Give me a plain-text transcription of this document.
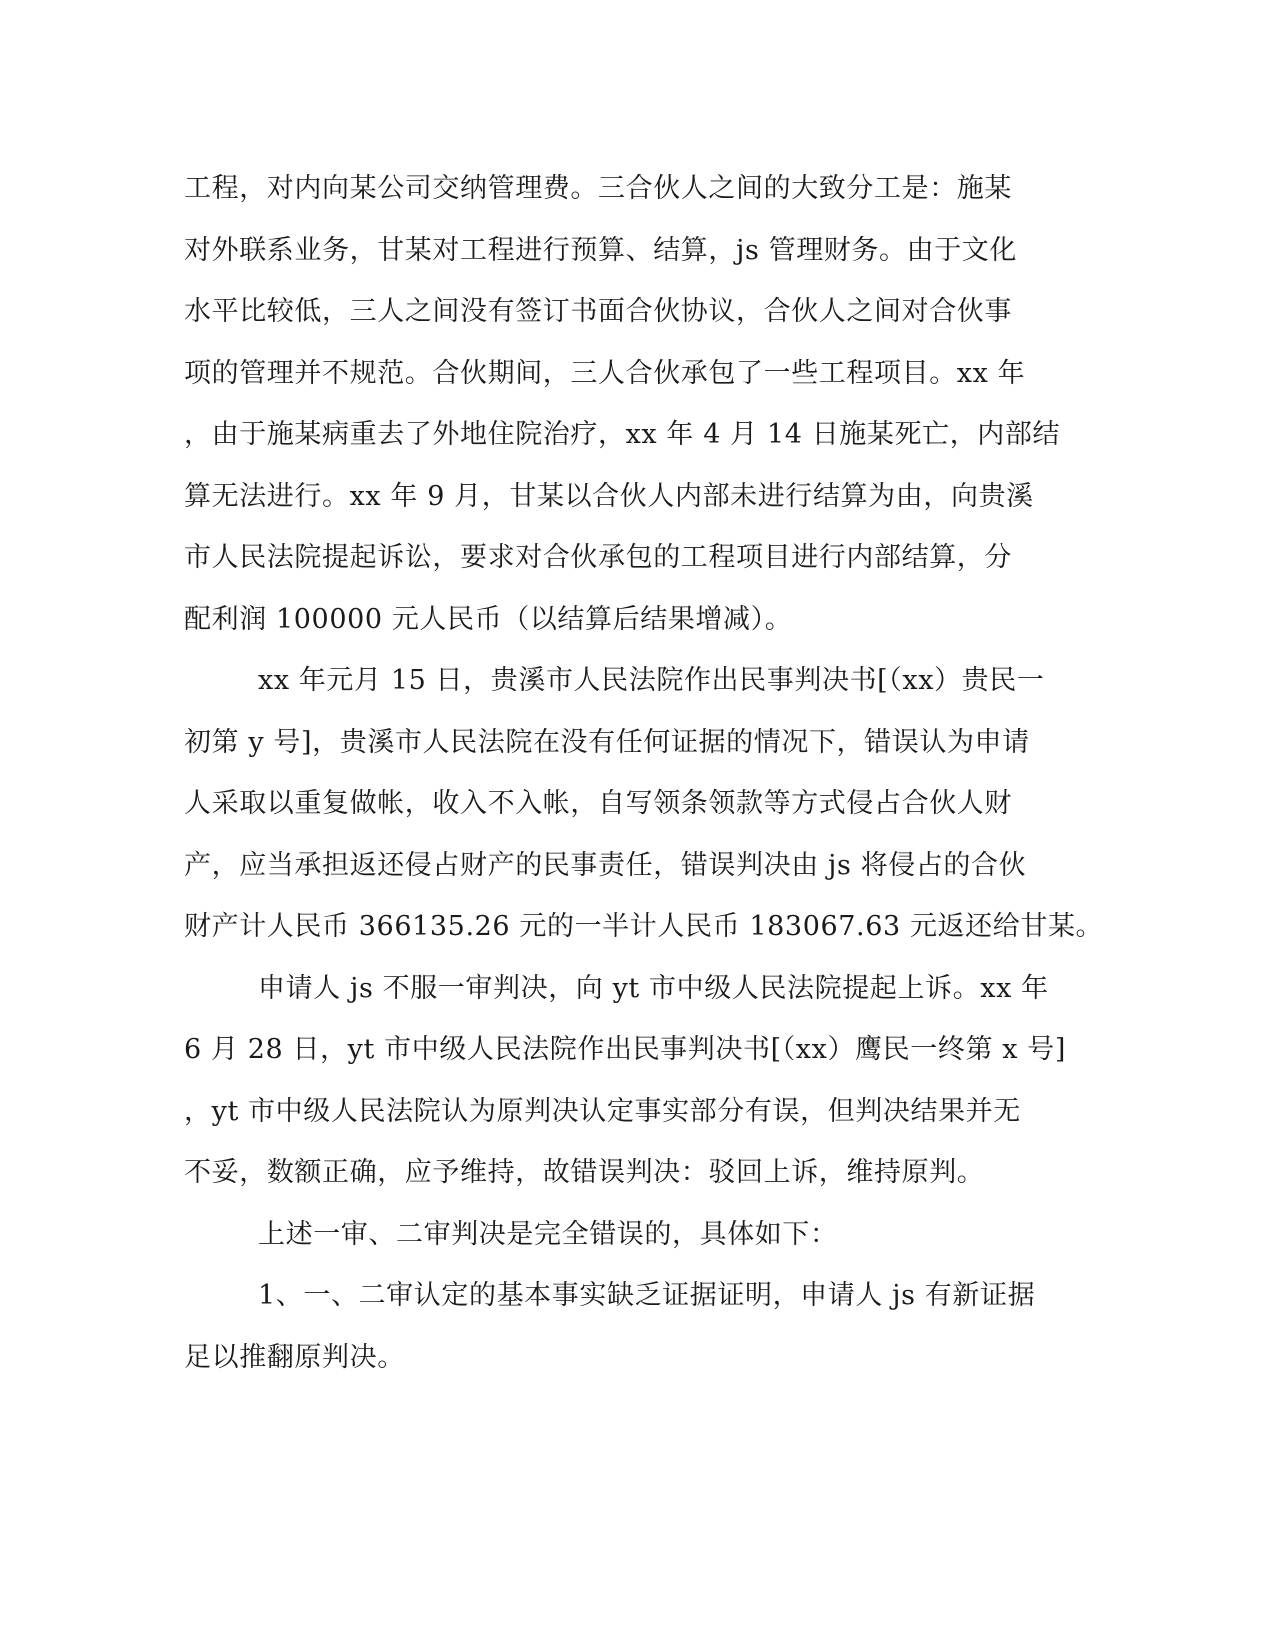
工程，对内向某公司交纳管理费。三合伙人之间的大致分工是：施某
对外联系业务，甘某对工程进行预算、结算，js 管理财务。由于文化
水平比较低，三人之间没有签订书面合伙协议，合伙人之间对合伙事
项的管理并不规范。合伙期间，三人合伙承包了一些工程项目。xx 年
，由于施某病重去了外地住院治疗，xx 年 4 月 14 日施某死亡，内部结
算无法进行。xx 年 9 月，甘某以合伙人内部未进行结算为由，向贵溪
市人民法院提起诉讼，要求对合伙承包的工程项目进行内部结算，分
配利润 100000 元人民币（以结算后结果增减）。
xx 年元月 15 日，贵溪市人民法院作出民事判决书[（xx）贵民一
初第 y 号]，贵溪市人民法院在没有任何证据的情况下，错误认为申请
人采取以重复做帐，收入不入帐，自写领条领款等方式侵占合伙人财
产，应当承担返还侵占财产的民事责任，错误判决由 js 将侵占的合伙
财产计人民币 366135.26 元的一半计人民币 183067.63 元返还给甘某。
申请人 js 不服一审判决，向 yt 市中级人民法院提起上诉。xx 年
6 月 28 日，yt 市中级人民法院作出民事判决书[（xx）鹰民一终第 x 号]
，yt 市中级人民法院认为原判决认定事实部分有误，但判决结果并无
不妥，数额正确，应予维持，故错误判决：驳回上诉，维持原判。
上述一审、二审判决是完全错误的，具体如下：
1、一、二审认定的基本事实缺乏证据证明，申请人 js 有新证据
足以推翻原判决。
